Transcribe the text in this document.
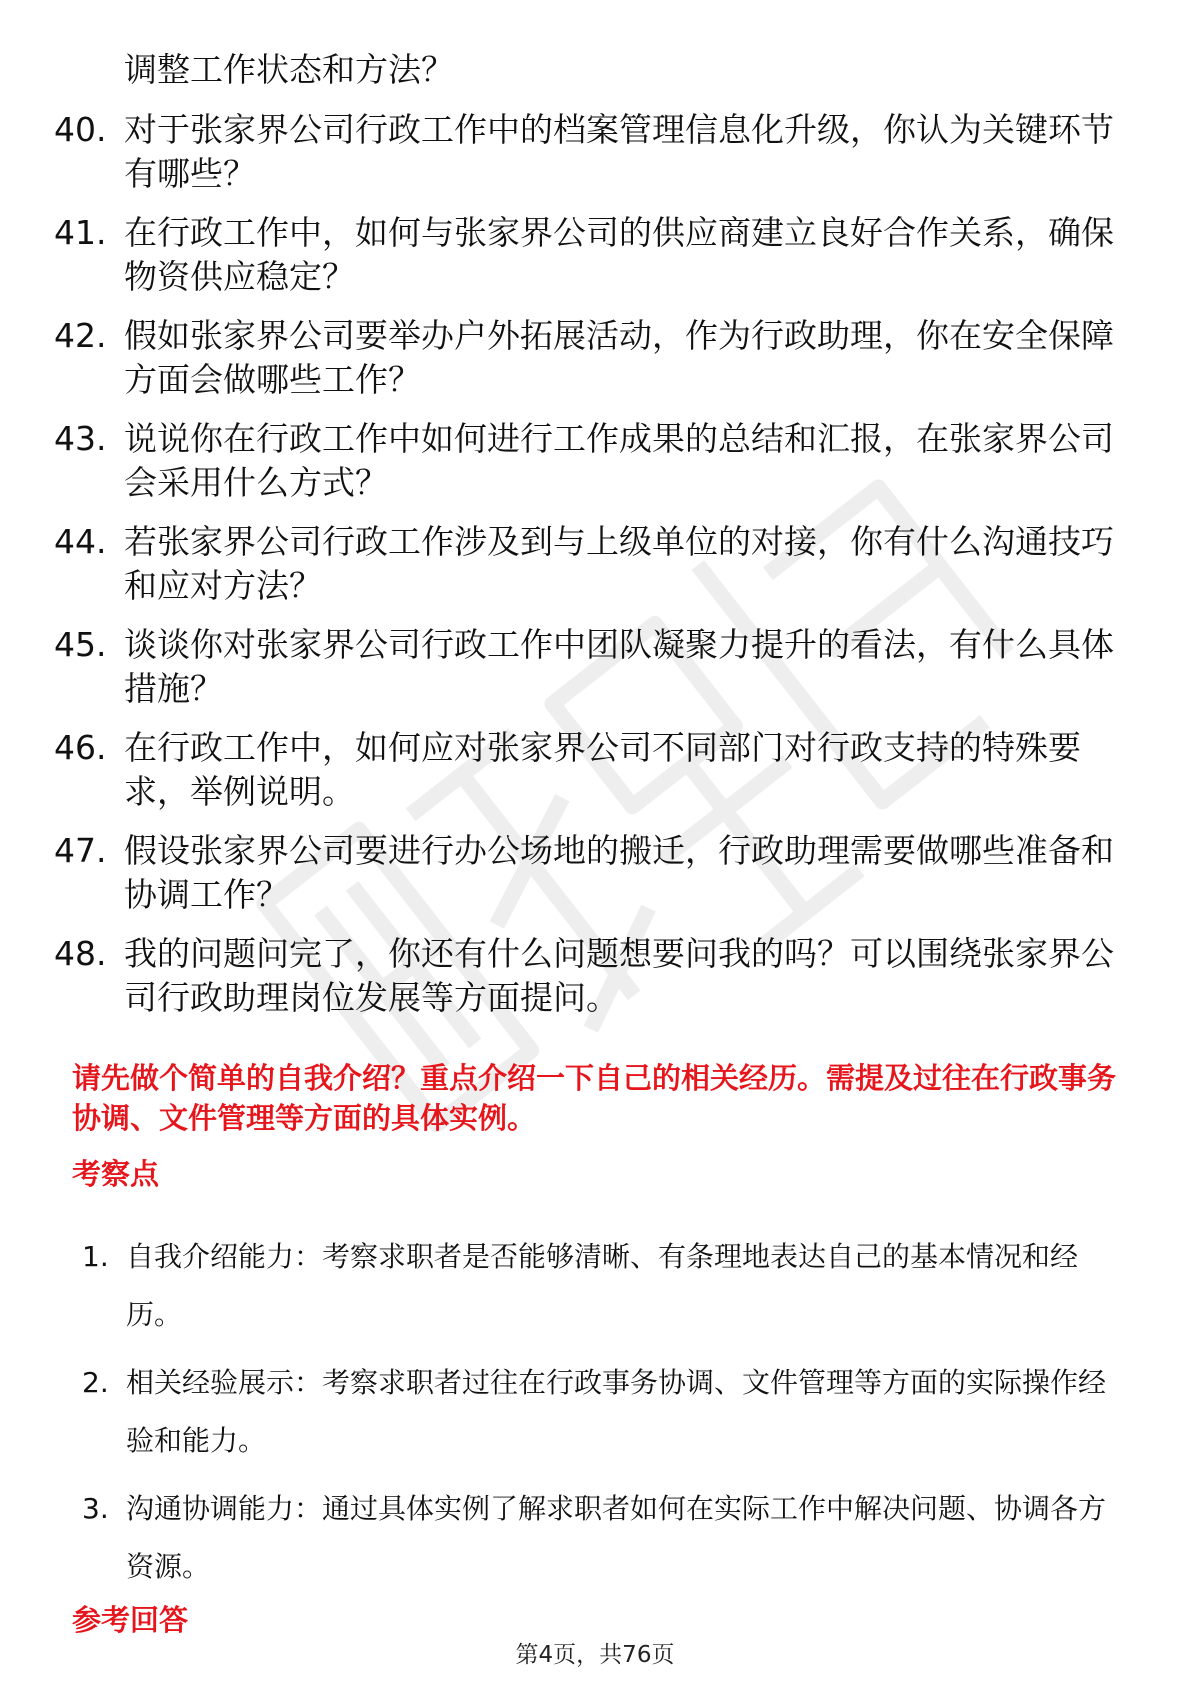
调整工作状态和方法？
40. 对于张家界公司行政工作中的档案管理信息化升级，你认为关键环节有哪些？
41. 在行政工作中，如何与张家界公司的供应商建立良好合作关系，确保物资供应稳定？
42. 假如张家界公司要举办户外拓展活动，作为行政助理，你在安全保障方面会做哪些工作？
43. 说说你在行政工作中如何进行工作成果的总结和汇报，在张家界公司会采用什么方式？
44. 若张家界公司行政工作涉及到与上级单位的对接，你有什么沟通技巧和应对方法？
45. 谈谈你对张家界公司行政工作中团队凝聚力提升的看法，有什么具体措施？
46. 在行政工作中，如何应对张家界公司不同部门对行政支持的特殊要求，举例说明。
47. 假设张家界公司要进行办公场地的搬迁，行政助理需要做哪些准备和协调工作？
48. 我的问题问完了，你还有什么问题想要问我的吗？可以围绕张家界公司行政助理岗位发展等方面提问。
请先做个简单的自我介绍？重点介绍一下自己的相关经历。需提及过往在行政事务协调、文件管理等方面的具体实例。
考察点
1. 自我介绍能力：考察求职者是否能够清晰、有条理地表达自己的基本情况和经历。
2. 相关经验展示：考察求职者过往在行政事务协调、文件管理等方面的实际操作经验和能力。
3. 沟通协调能力：通过具体实例了解求职者如何在实际工作中解决问题、协调各方资源。
参考回答
第4页，共76页
